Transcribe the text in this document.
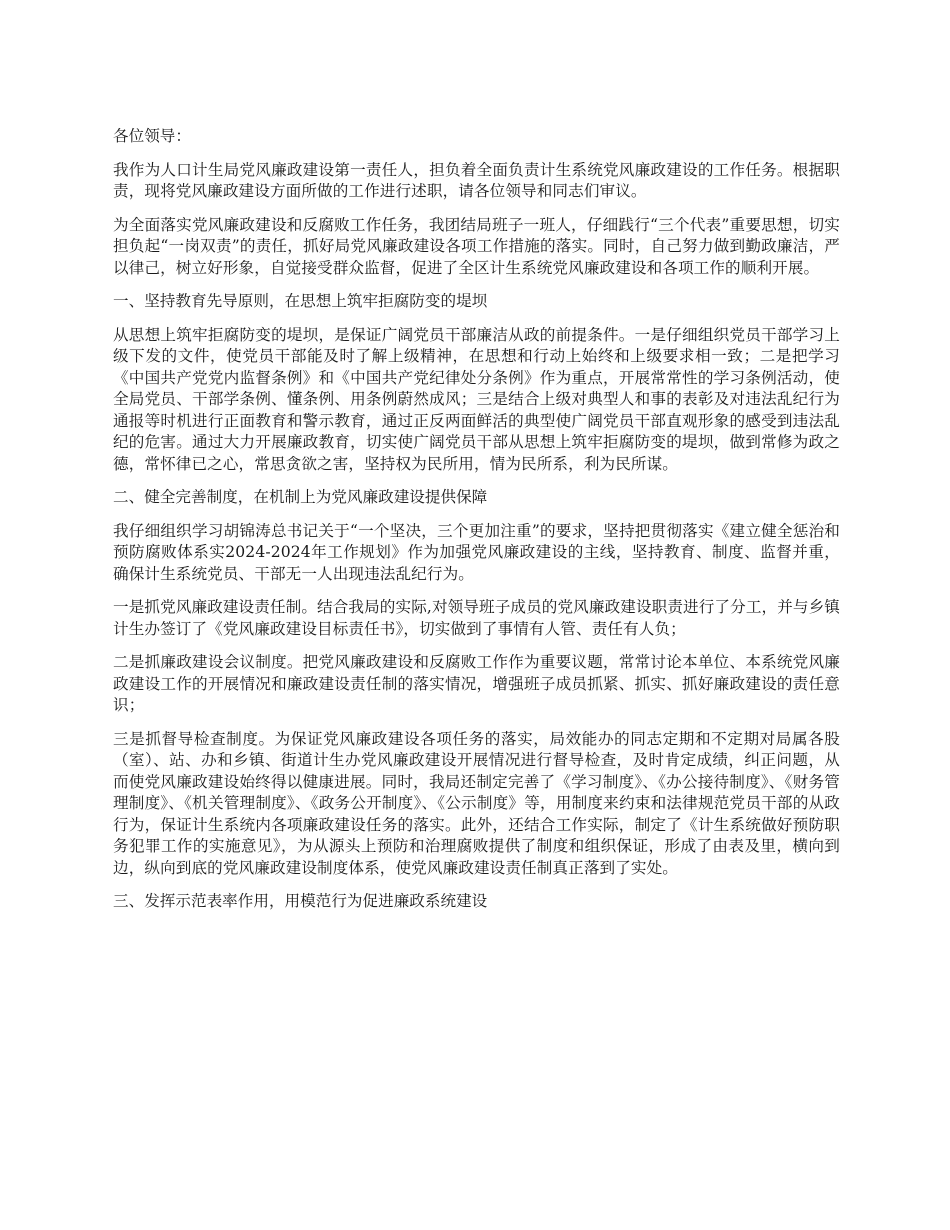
各位领导：

我作为人口计生局党风廉政建设第一责任人，担负着全面负责计生系统党风廉政建设的工作任务。根据职责，现将党风廉政建设方面所做的工作进行述职，请各位领导和同志们审议。

为全面落实党风廉政建设和反腐败工作任务，我团结局班子一班人，仔细践行“三个代表”重要思想，切实担负起“一岗双责”的责任，抓好局党风廉政建设各项工作措施的落实。同时，自己努力做到勤政廉洁，严以律己，树立好形象，自觉接受群众监督，促进了全区计生系统党风廉政建设和各项工作的顺利开展。

一、坚持教育先导原则，在思想上筑牢拒腐防变的堤坝

从思想上筑牢拒腐防变的堤坝，是保证广阔党员干部廉洁从政的前提条件。一是仔细组织党员干部学习上级下发的文件，使党员干部能及时了解上级精神，在思想和行动上始终和上级要求相一致；二是把学习《中国共产党党内监督条例》和《中国共产党纪律处分条例》作为重点，开展常常性的学习条例活动，使全局党员、干部学条例、懂条例、用条例蔚然成风；三是结合上级对典型人和事的表彰及对违法乱纪行为通报等时机进行正面教育和警示教育，通过正反两面鲜活的典型使广阔党员干部直观形象的感受到违法乱纪的危害。通过大力开展廉政教育，切实使广阔党员干部从思想上筑牢拒腐防变的堤坝，做到常修为政之德，常怀律已之心，常思贪欲之害，坚持权为民所用，情为民所系，利为民所谋。

二、健全完善制度，在机制上为党风廉政建设提供保障

我仔细组织学习胡锦涛总书记关于“一个坚决，三个更加注重”的要求，坚持把贯彻落实《建立健全惩治和预防腐败体系实2024-2024年工作规划》作为加强党风廉政建设的主线，坚持教育、制度、监督并重，确保计生系统党员、干部无一人出现违法乱纪行为。

一是抓党风廉政建设责任制。结合我局的实际,对领导班子成员的党风廉政建设职责进行了分工，并与乡镇计生办签订了《党风廉政建设目标责任书》，切实做到了事情有人管、责任有人负；

二是抓廉政建设会议制度。把党风廉政建设和反腐败工作作为重要议题，常常讨论本单位、本系统党风廉政建设工作的开展情况和廉政建设责任制的落实情况，增强班子成员抓紧、抓实、抓好廉政建设的责任意识；

三是抓督导检查制度。为保证党风廉政建设各项任务的落实，局效能办的同志定期和不定期对局属各股（室）、站、办和乡镇、街道计生办党风廉政建设开展情况进行督导检查，及时肯定成绩，纠正问题，从而使党风廉政建设始终得以健康进展。同时，我局还制定完善了《学习制度》、《办公接待制度》、《财务管理制度》、《机关管理制度》、《政务公开制度》、《公示制度》等，用制度来约束和法律规范党员干部的从政行为，保证计生系统内各项廉政建设任务的落实。此外，还结合工作实际，制定了《计生系统做好预防职务犯罪工作的实施意见》，为从源头上预防和治理腐败提供了制度和组织保证，形成了由表及里，横向到边，纵向到底的党风廉政建设制度体系，使党风廉政建设责任制真正落到了实处。

三、发挥示范表率作用，用模范行为促进廉政系统建设
